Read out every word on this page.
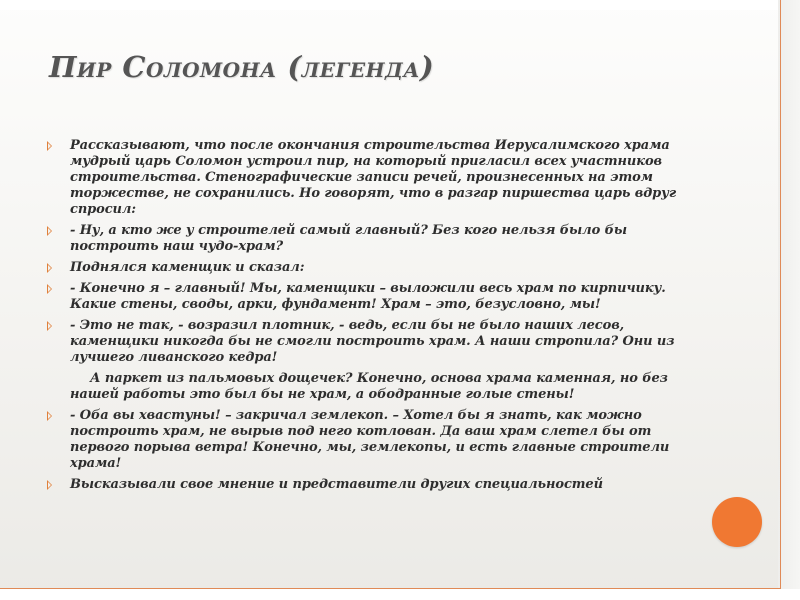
Пир Соломона (легенда)
Рассказывают, что после окончания строительства Иерусалимского храма мудрый царь Соломон устроил пир, на который пригласил всех участников строительства. Стенографические записи речей, произнесенных на этом торжестве, не сохранились. Но говорят, что в разгар пиршества царь вдруг спросил:
- Ну, а кто же у строителей самый главный? Без кого нельзя было бы построить наш чудо-храм?
Поднялся каменщик и сказал:
- Конечно я – главный! Мы, каменщики – выложили весь храм по кирпичику. Какие стены, своды, арки, фундамент! Храм – это, безусловно, мы!
- Это не так, - возразил плотник, - ведь, если бы не было наших лесов, каменщики никогда бы не смогли построить храм. А наши стропила? Они из лучшего ливанского кедра!
А паркет из пальмовых дощечек? Конечно, основа храма каменная, но без нашей работы это был бы не храм, а ободранные голые стены!
- Оба вы хвастуны! – закричал землекоп. – Хотел бы я знать, как можно построить храм, не вырыв под него котлован. Да ваш храм слетел бы от первого порыва ветра! Конечно, мы, землекопы, и есть главные строители храма!
Высказывали свое мнение и представители других специальностей
